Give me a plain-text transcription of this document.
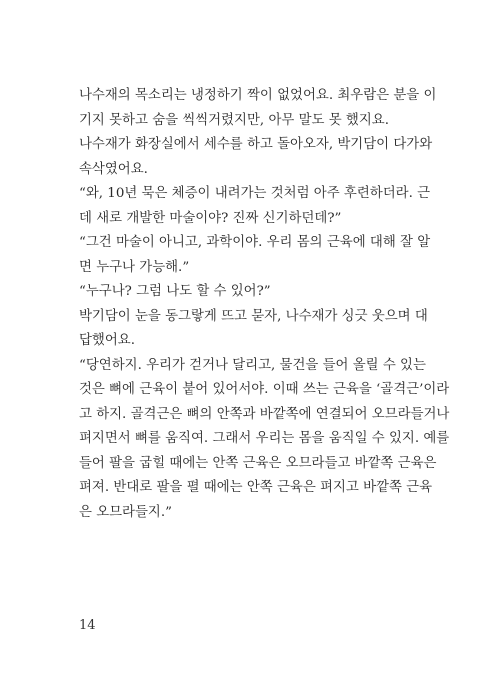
나수재의 목소리는 냉정하기 짝이 없었어요. 최우람은 분을 이
기지 못하고 숨을 씩씩거렸지만, 아무 말도 못 했지요.
나수재가 화장실에서 세수를 하고 돌아오자, 박기담이 다가와
속삭였어요.
“와, 10년 묵은 체증이 내려가는 것처럼 아주 후련하더라. 근
데 새로 개발한 마술이야? 진짜 신기하던데?”
“그건 마술이 아니고, 과학이야. 우리 몸의 근육에 대해 잘 알
면 누구나 가능해.”
“누구나? 그럼 나도 할 수 있어?”
박기담이 눈을 동그랗게 뜨고 묻자, 나수재가 싱긋 웃으며 대
답했어요.
“당연하지. 우리가 걷거나 달리고, 물건을 들어 올릴 수 있는
것은 뼈에 근육이 붙어 있어서야. 이때 쓰는 근육을 ‘골격근’이라
고 하지. 골격근은 뼈의 안쪽과 바깥쪽에 연결되어 오므라들거나
펴지면서 뼈를 움직여. 그래서 우리는 몸을 움직일 수 있지. 예를
들어 팔을 굽힐 때에는 안쪽 근육은 오므라들고 바깥쪽 근육은
펴져. 반대로 팔을 펼 때에는 안쪽 근육은 펴지고 바깥쪽 근육
은 오므라들지.”
14
